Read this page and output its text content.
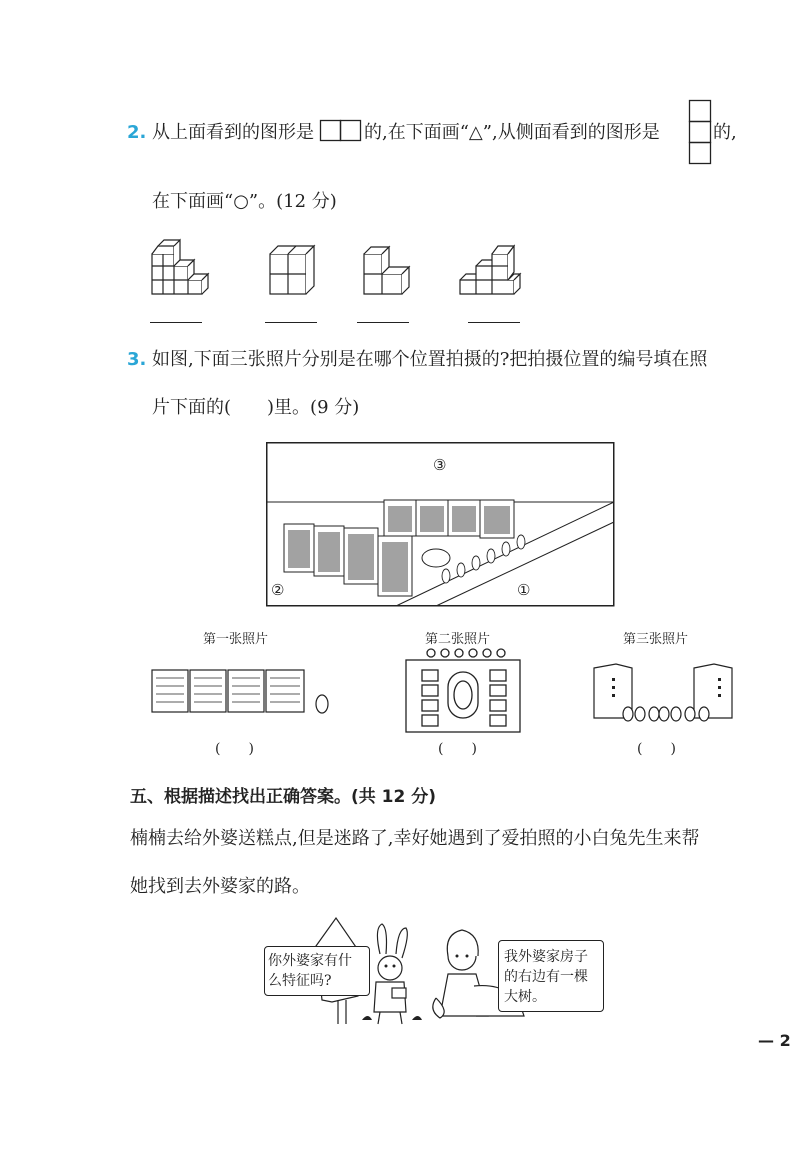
2. 从上面看到的图形是	的,在下面画“△”,从侧面看到的图形是	的,
在下面画“○”。(12 分)
3. 如图,下面三张照片分别是在哪个位置拍摄的?把拍摄位置的编号填在照
片下面的(　　)里。(9 分)
③
②	①
第一张照片	第二张照片	第三张照片
(　　)	(　　)	(　　)
五、根据描述找出正确答案。(共 12 分)
楠楠去给外婆送糕点,但是迷路了,幸好她遇到了爱拍照的小白兔先生来帮
她找到去外婆家的路。
你外婆家有什
么特征吗?
我外婆家房子
的右边有一棵
大树。
— 2
